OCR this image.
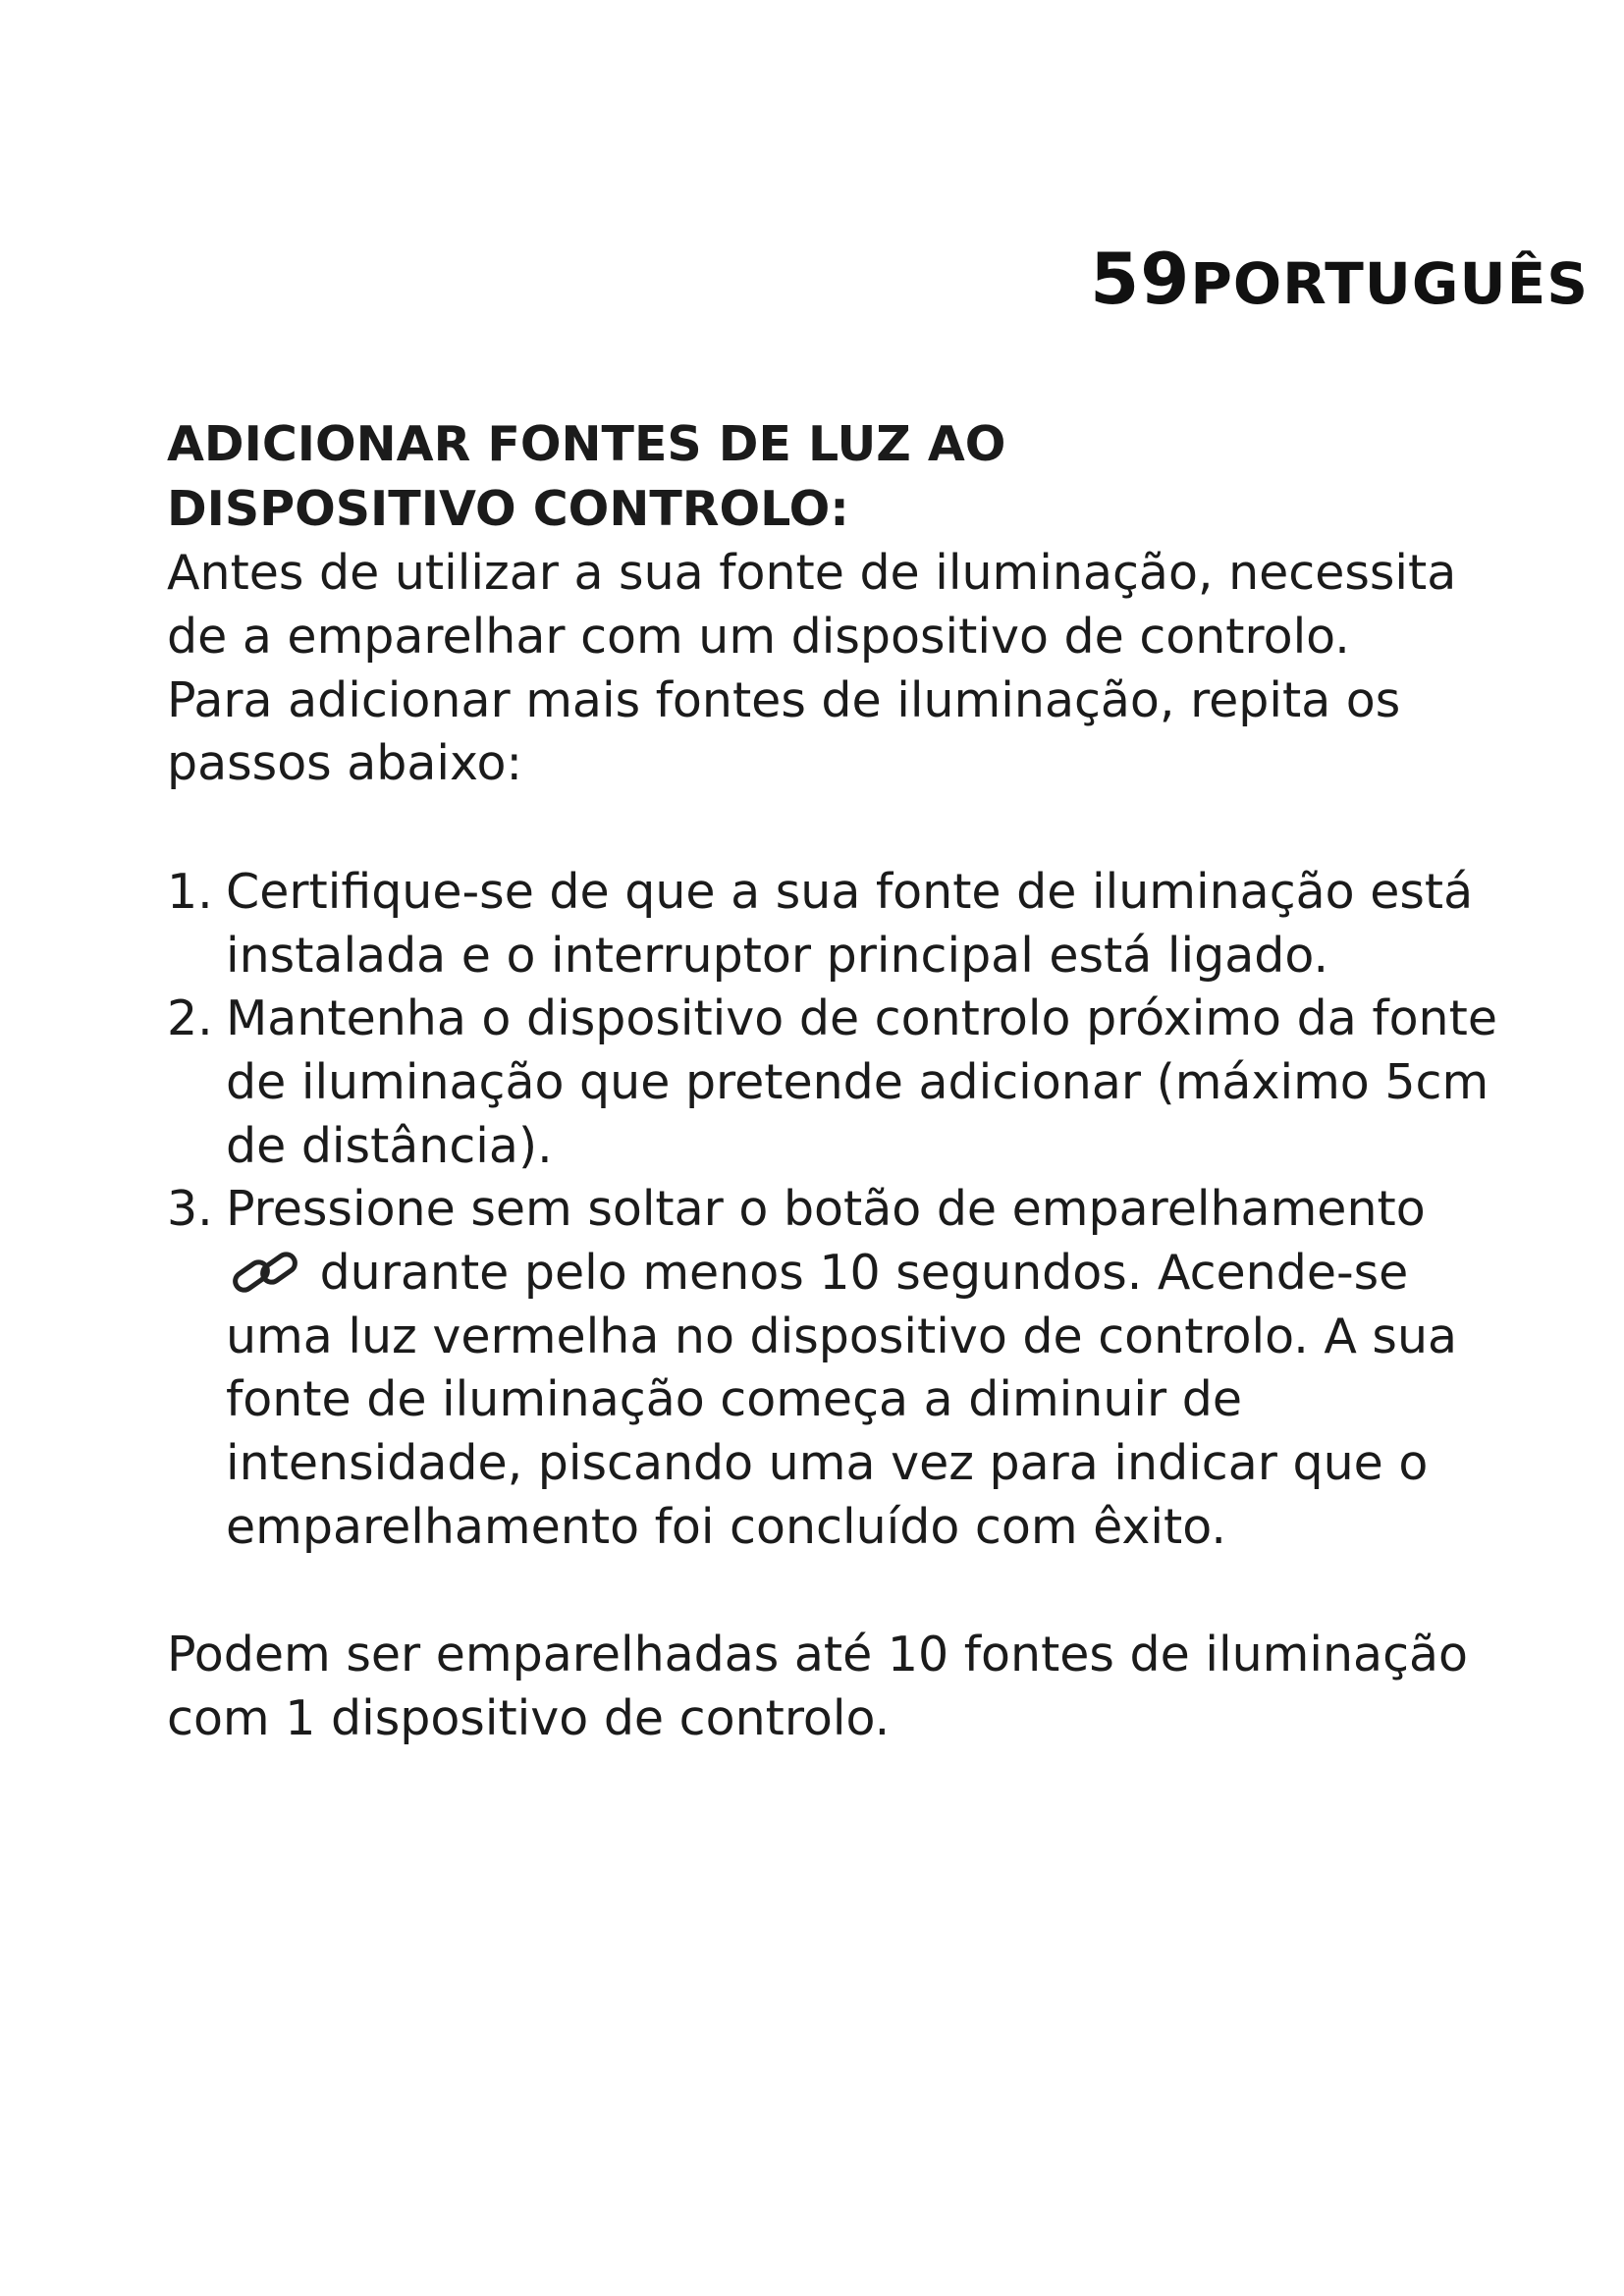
59PORTUGUÊS
ADICIONAR FONTES DE LUZ AO
DISPOSITIVO CONTROLO:

Antes de utilizar a sua fonte de iluminação, necessita de a emparelhar com um dispositivo de controlo.

Para adicionar mais fontes de iluminação, repita os passos abaixo:

1. Certifique-se de que a sua fonte de iluminação está instalada e o interruptor principal está ligado.
2. Mantenha o dispositivo de controlo próximo da fonte de iluminação que pretende adicionar (máximo 5cm de distância).
3. Pressione sem soltar o botão de emparelhamento  durante pelo menos 10 segundos. Acende-se uma luz vermelha no dispositivo de controlo. A sua fonte de iluminação começa a diminuir de intensidade, piscando uma vez para indicar que o emparelhamento foi concluído com êxito.

Podem ser emparelhadas até 10 fontes de iluminação com 1 dispositivo de controlo.
